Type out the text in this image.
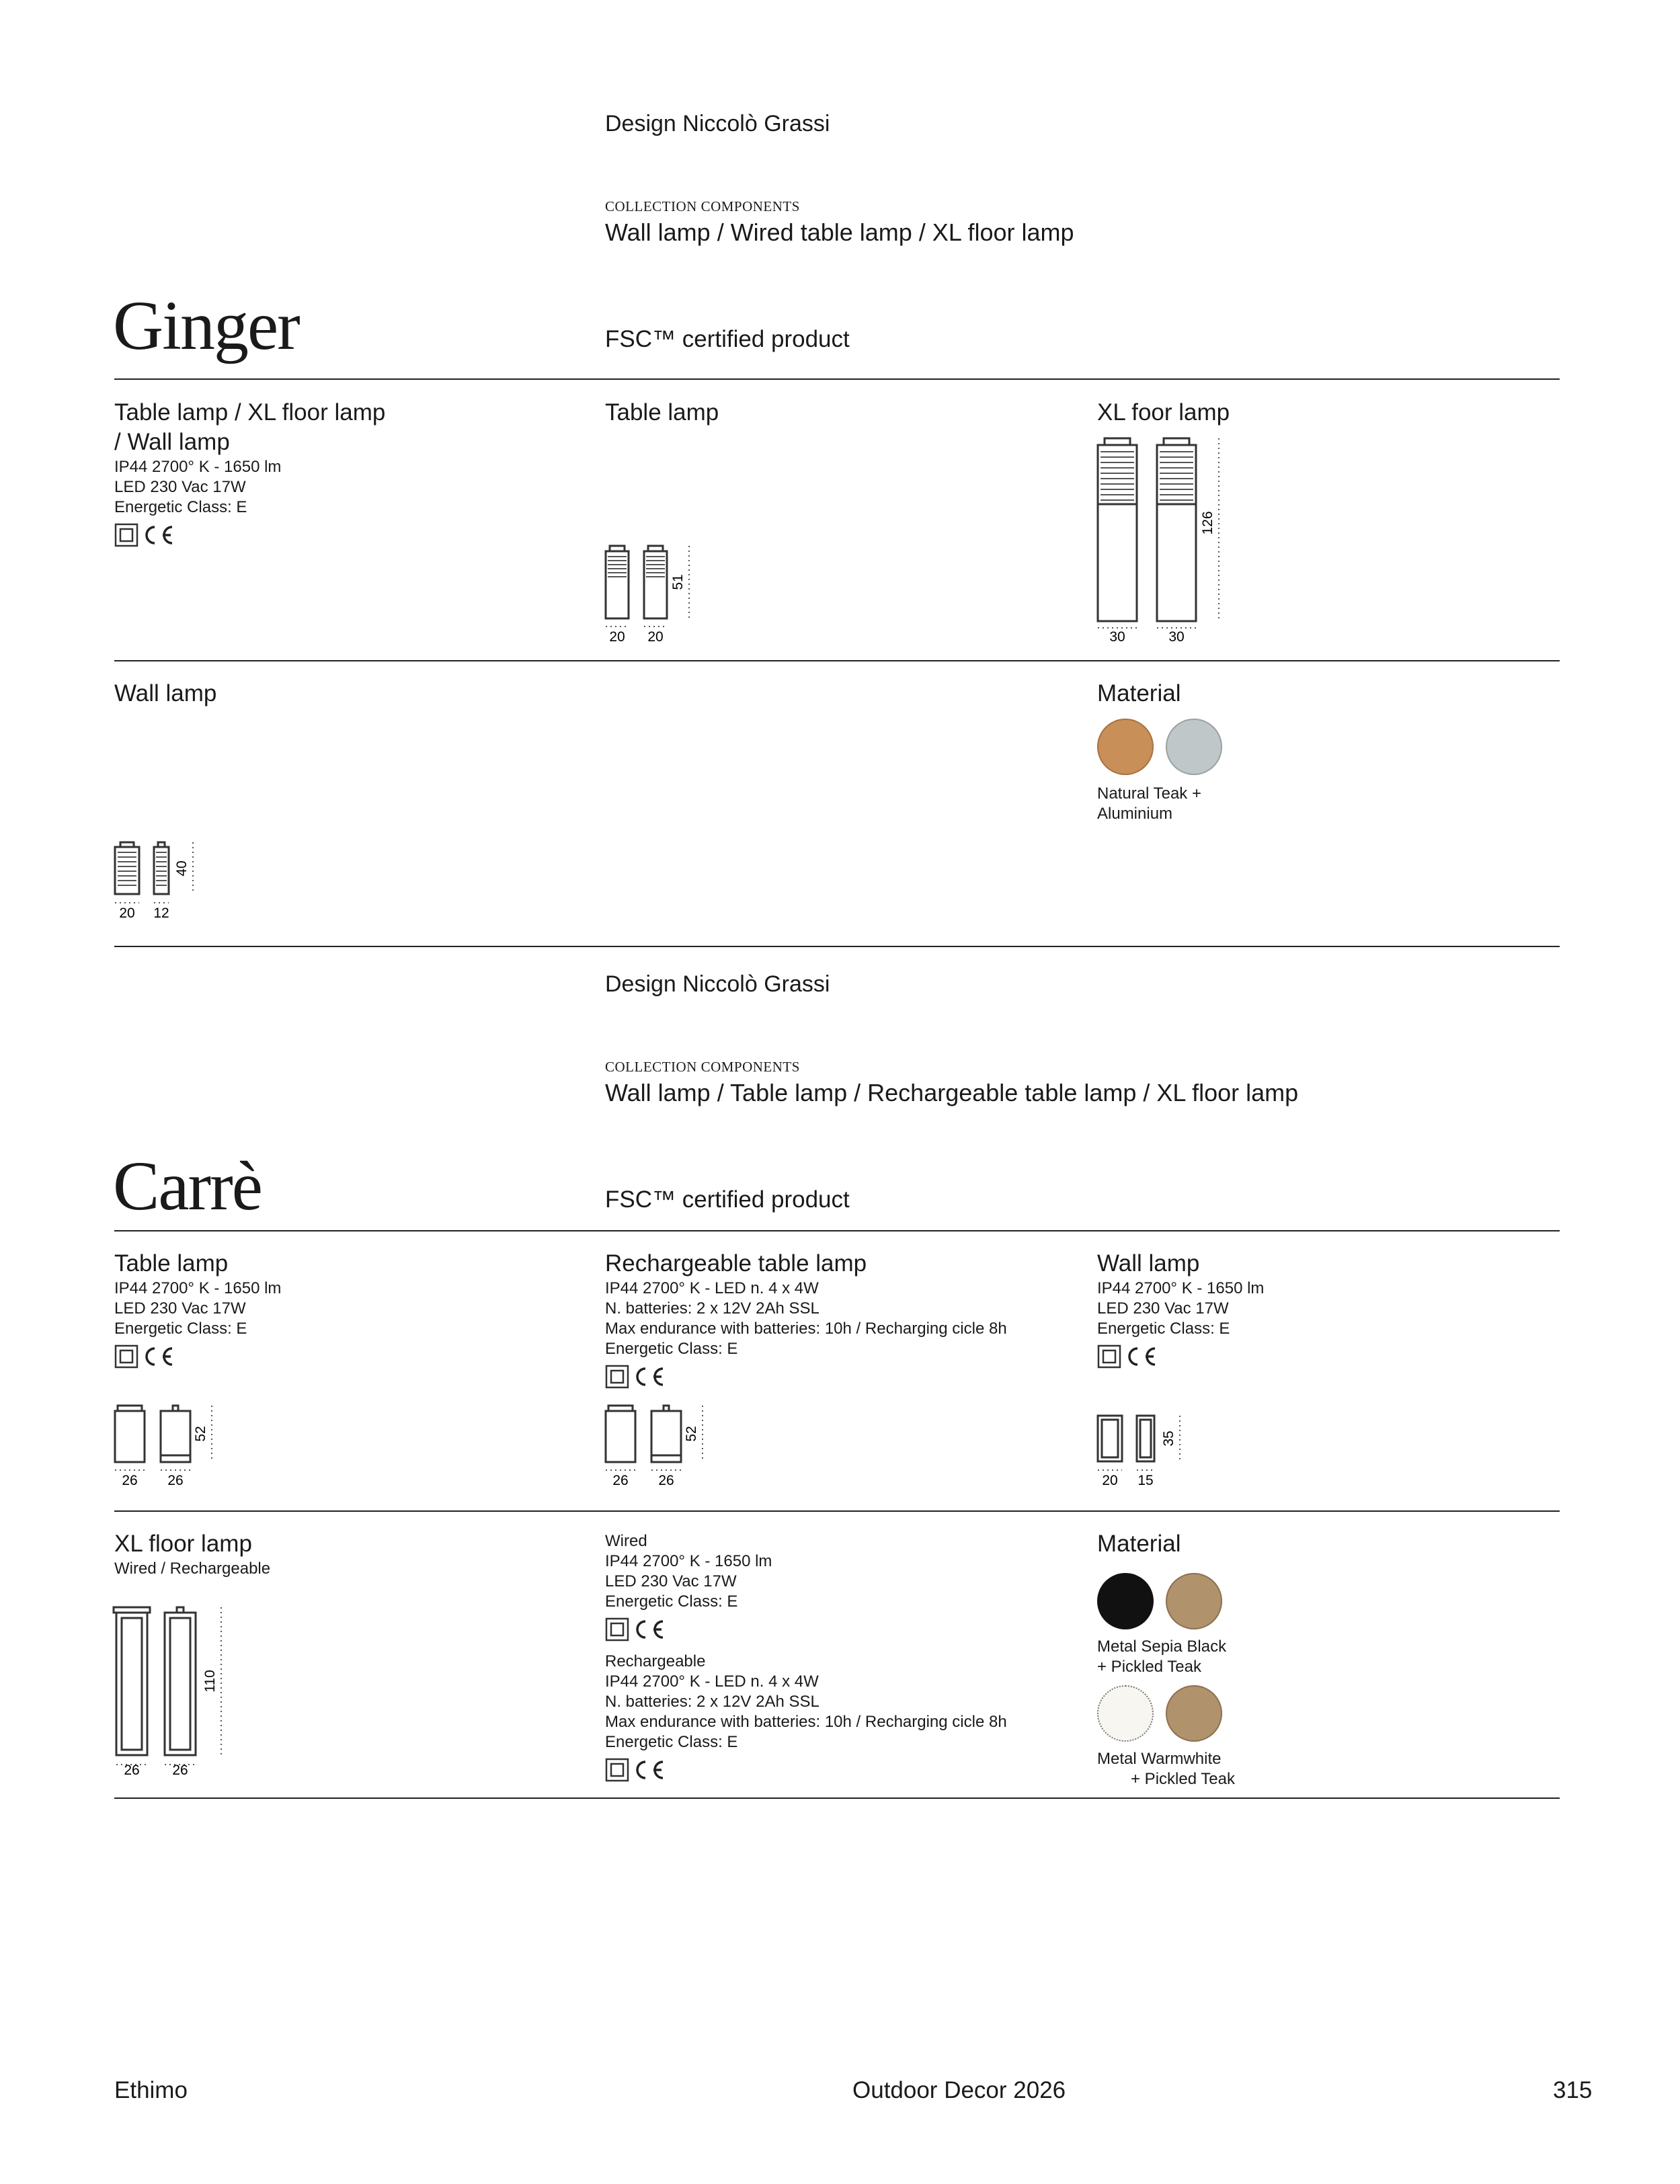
Design Niccolò Grassi
COLLECTION COMPONENTS
Wall lamp / Wired table lamp / XL floor lamp
Ginger	FSC™ certified product
Table lamp / XL floor lamp
/ Wall lamp
IP44 2700° K - 1650 lm
LED 230 Vac 17W
Energetic Class: E
Table lamp
20 20
51
XL foor lamp
30	30
126
Wall lamp
20 12
40
Material
Natural Teak +
Aluminium
Design Niccolò Grassi
COLLECTION COMPONENTS
Wall lamp / Table lamp / Rechargeable table lamp / XL floor lamp
Carrè	FSC™ certified product
Table lamp
IP44 2700° K - 1650 lm
LED 230 Vac 17W
Energetic Class: E
26 26
52
Rechargeable table lamp
IP44 2700° K - LED n. 4 x 4W
N. batteries: 2 x 12V 2Ah SSL
Max endurance with batteries: 10h / Recharging cicle 8h
Energetic Class: E
26 26
52
Wall lamp
IP44 2700° K - 1650 lm
LED 230 Vac 17W
Energetic Class: E
20 15
35
XL floor lamp
Wired / Rechargeable
26 26
110
Wired
IP44 2700° K - 1650 lm
LED 230 Vac 17W
Energetic Class: E
Rechargeable
IP44 2700° K - LED n. 4 x 4W
N. batteries: 2 x 12V 2Ah SSL
Max endurance with batteries: 10h / Recharging cicle 8h
Energetic Class: E
Material
Metal Sepia Black
+ Pickled Teak
Metal Warmwhite
+ Pickled Teak
Ethimo	Outdoor Decor 2026	315
